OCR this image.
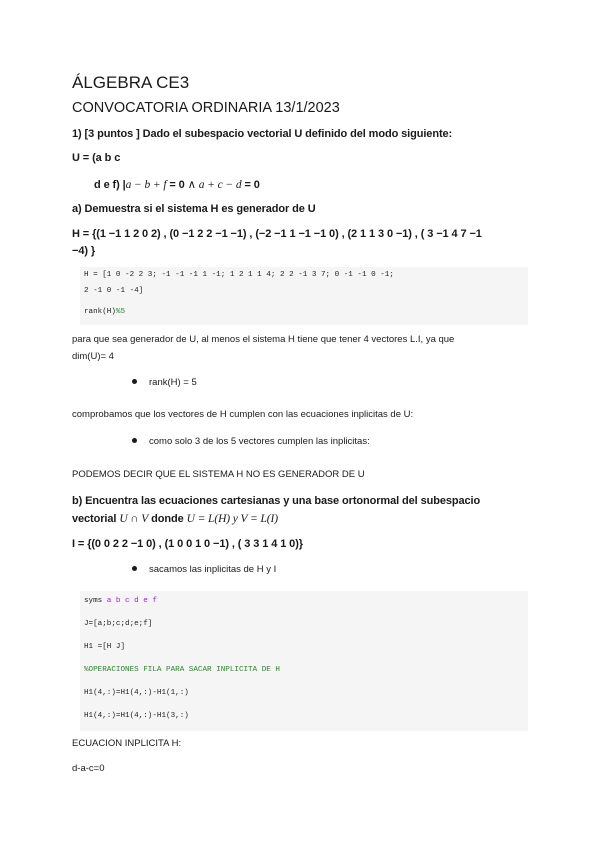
ÁLGEBRA CE3
CONVOCATORIA ORDINARIA 13/1/2023
1) [3 puntos ] Dado el subespacio vectorial U definido del modo siguiente:
U = (a b c
d e f) |a − b + f = 0 ∧ a + c − d = 0
a) Demuestra si el sistema H es generador de U
H = {(1 −1 1 2 0 2) , (0 −1 2 2 −1 −1) , (−2 −1 1 −1 −1 0) , (2 1 1 3 0 −1) , ( 3 −1 4 7 −1
−4) }
H = [1 0 -2 2 3; -1 -1 -1 1 -1; 1 2 1 1 4; 2 2 -1 3 7; 0 -1 -1 0 -1;
2 -1 0 -1 -4]
rank(H)%5
para que sea generador de U, al menos el sistema H tiene que tener 4 vectores L.I, ya que
dim(U)= 4
rank(H) = 5
comprobamos que los vectores de H cumplen con las ecuaciones inplicitas de U:
como solo 3 de los 5 vectores cumplen las inplicitas:
PODEMOS DECIR QUE EL SISTEMA H NO ES GENERADOR DE U
b) Encuentra las ecuaciones cartesianas y una base ortonormal del subespacio
vectorial U ∩ V donde U = L(H) y V = L(I)
I = {(0 0 2 2 −1 0) , (1 0 0 1 0 −1) , ( 3 3 1 4 1 0)}
sacamos las inplicitas de H y I
syms a b c d e f
J=[a;b;c;d;e;f]
H1 =[H J]
%OPERACIONES FILA PARA SACAR INPLICITA DE H
H1(4,:)=H1(4,:)-H1(1,:)
H1(4,:)=H1(4,:)-H1(3,:)
ECUACION INPLICITA H:
d-a-c=0
